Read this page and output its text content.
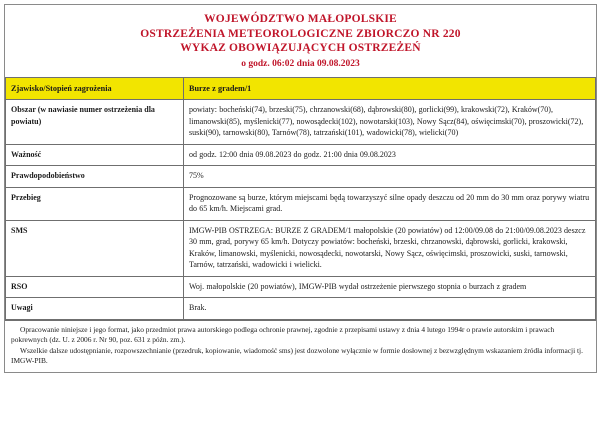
WOJEWÓDZTWO MAŁOPOLSKIE
OSTRZEŻENIA METEOROLOGICZNE ZBIORCZO NR 220
WYKAZ OBOWIĄZUJĄCYCH OSTRZEŻEŃ
o godz. 06:02 dnia 09.08.2023
Zjawisko/Stopień zagrożenia	Burze z gradem/1
Obszar (w nawiasie numer ostrzeżenia dla powiatu)	powiaty: bocheński(74), brzeski(75), chrzanowski(68), dąbrowski(80), gorlicki(99), krakowski(72), Kraków(70), limanowski(85), myślenicki(77), nowosądecki(102), nowotarski(103), Nowy Sącz(84), oświęcimski(70), proszowicki(72), suski(90), tarnowski(80), Tarnów(78), tatrzański(101), wadowicki(78), wielicki(70)
Ważność	od godz. 12:00 dnia 09.08.2023 do godz. 21:00 dnia 09.08.2023
Prawdopodobieństwo	75%
Przebieg	Prognozowane są burze, którym miejscami będą towarzyszyć silne opady deszczu od 20 mm do 30 mm oraz porywy wiatru do 65 km/h. Miejscami grad.
SMS	IMGW-PIB OSTRZEGA: BURZE Z GRADEM/1 małopolskie (20 powiatów) od 12:00/09.08 do 21:00/09.08.2023 deszcz 30 mm, grad, porywy 65 km/h. Dotyczy powiatów: bocheński, brzeski, chrzanowski, dąbrowski, gorlicki, krakowski, Kraków, limanowski, myślenicki, nowosądecki, nowotarski, Nowy Sącz, oświęcimski, proszowicki, suski, tarnowski, Tarnów, tatrzański, wadowicki i wielicki.
RSO	Woj. małopolskie (20 powiatów), IMGW-PIB wydał ostrzeżenie pierwszego stopnia o burzach z gradem
Uwagi	Brak.

Opracowanie niniejsze i jego format, jako przedmiot prawa autorskiego podlega ochronie prawnej, zgodnie z przepisami ustawy z dnia 4 lutego 1994r o prawie autorskim i prawach pokrewnych (dz. U. z 2006 r. Nr 90, poz. 631 z późn. zm.).

Wszelkie dalsze udostępnianie, rozpowszechnianie (przedruk, kopiowanie, wiadomość sms) jest dozwolone wyłącznie w formie dosłownej z bezwzględnym wskazaniem źródła informacji tj. IMGW-PIB.
